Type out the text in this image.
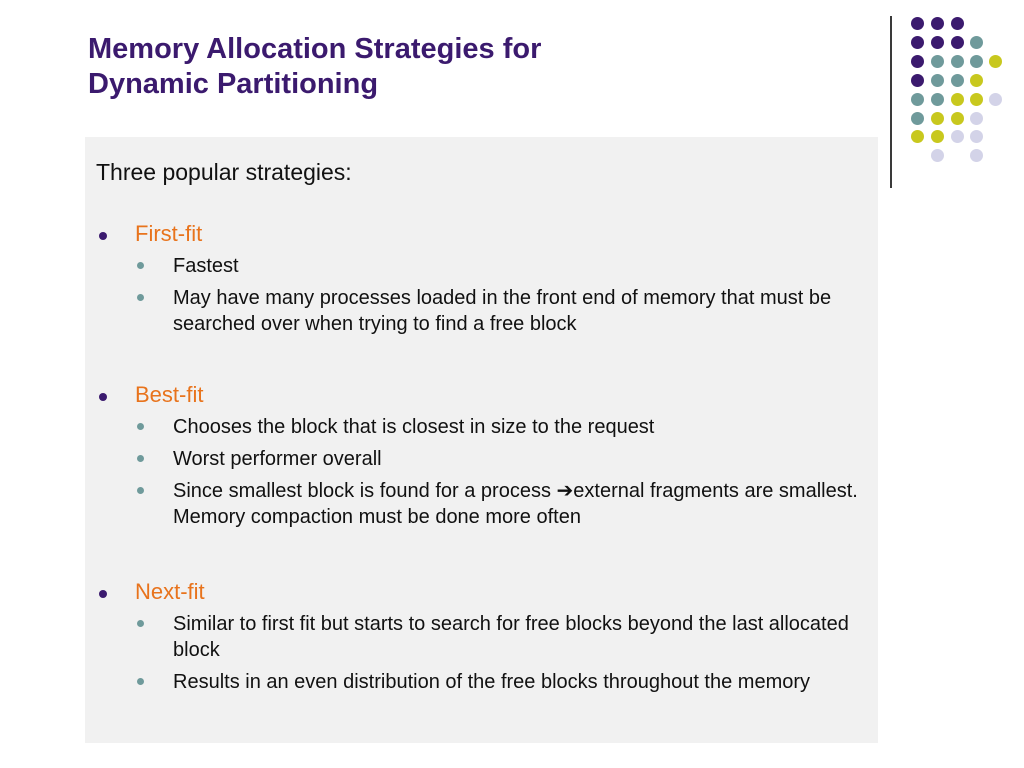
Memory Allocation Strategies for
Dynamic Partitioning
Three popular strategies:
First-fit
Fastest
May have many processes loaded in the front end of memory that must be searched over when trying to find a free block
Best-fit
Chooses the block that is closest in size to the request
Worst performer overall
Since smallest block is found for a process ➔external fragments are smallest. Memory compaction must be done more often
Next-fit
Similar to first fit but starts to search for free blocks beyond the last allocated block
Results in an even distribution of the free blocks throughout the memory
